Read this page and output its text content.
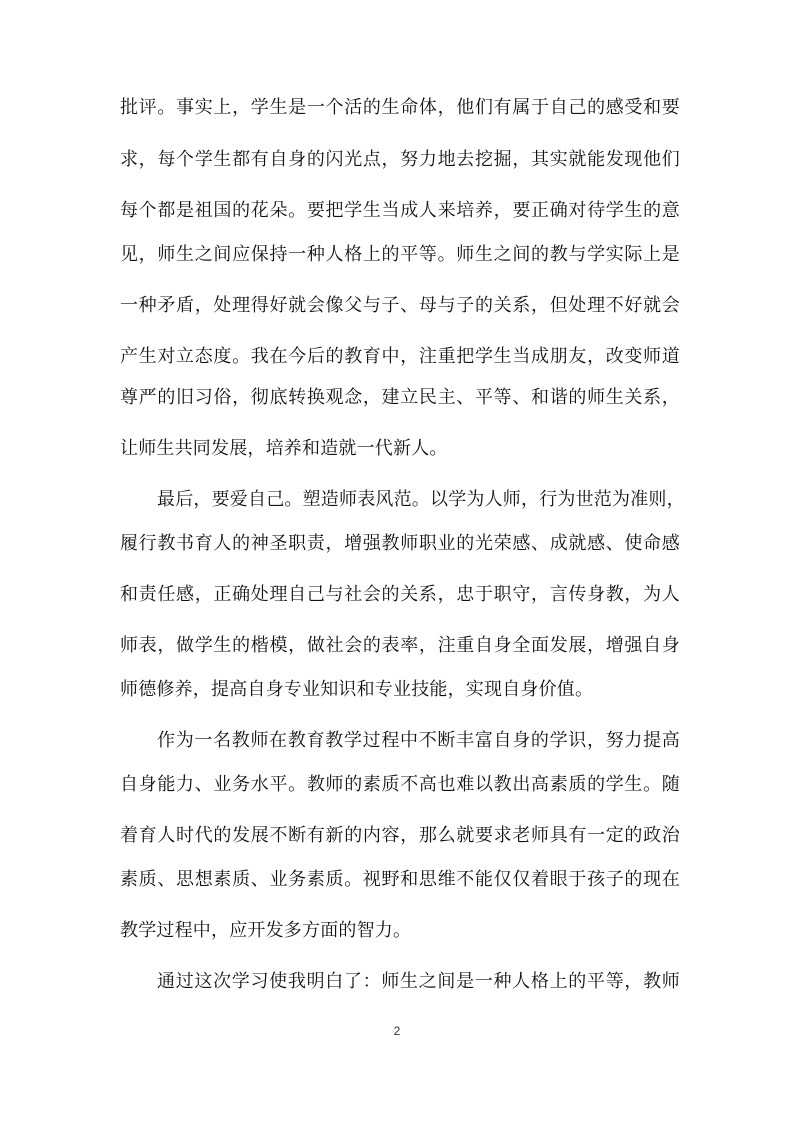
批评。事实上，学生是一个活的生命体，他们有属于自己的感受和要
求，每个学生都有自身的闪光点，努力地去挖掘，其实就能发现他们
每个都是祖国的花朵。要把学生当成人来培养，要正确对待学生的意
见，师生之间应保持一种人格上的平等。师生之间的教与学实际上是
一种矛盾，处理得好就会像父与子、母与子的关系，但处理不好就会
产生对立态度。我在今后的教育中，注重把学生当成朋友，改变师道
尊严的旧习俗，彻底转换观念，建立民主、平等、和谐的师生关系，
让师生共同发展，培养和造就一代新人。
最后，要爱自己。塑造师表风范。以学为人师，行为世范为准则，
履行教书育人的神圣职责，增强教师职业的光荣感、成就感、使命感
和责任感，正确处理自己与社会的关系，忠于职守，言传身教，为人
师表，做学生的楷模，做社会的表率，注重自身全面发展，增强自身
师德修养，提高自身专业知识和专业技能，实现自身价值。
作为一名教师在教育教学过程中不断丰富自身的学识，努力提高
自身能力、业务水平。教师的素质不高也难以教出高素质的学生。随
着育人时代的发展不断有新的内容，那么就要求老师具有一定的政治
素质、思想素质、业务素质。视野和思维不能仅仅着眼于孩子的现在
教学过程中，应开发多方面的智力。
通过这次学习使我明白了：师生之间是一种人格上的平等，教师
2
